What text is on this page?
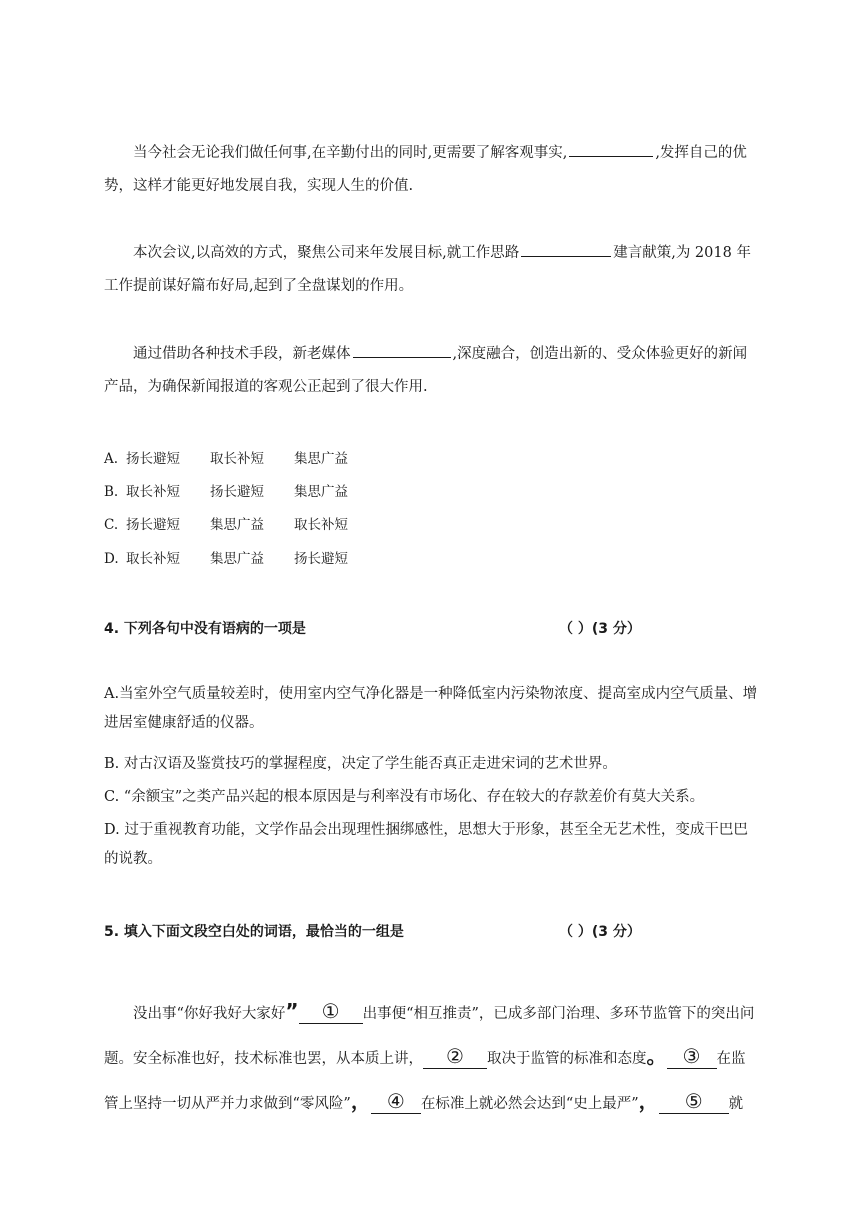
当今社会无论我们做任何事,在辛勤付出的同时,更需要了解客观事实,	,发挥自己的优势，这样才能更好地发展自我，实现人生的价值.

本次会议,以高效的方式，聚焦公司来年发展目标,就工作思路	建言献策,为 2018 年工作提前谋好篇布好局,起到了全盘谋划的作用。

通过借助各种技术手段，新老媒体	,深度融合，创造出新的、受众体验更好的新闻产品，为确保新闻报道的客观公正起到了很大作用.

A. 扬长避短 取长补短 集思广益
B. 取长补短 扬长避短 集思广益
C. 扬长避短 集思广益 取长补短
D. 取长补短 集思广益 扬长避短
4. 下列各句中没有语病的一项是	（ ）(3 分）

A.当室外空气质量较差时，使用室内空气净化器是一种降低室内污染物浓度、提高室成内空气质量、增进居室健康舒适的仪器。

B. 对古汉语及鉴赏技巧的掌握程度，决定了学生能否真正走进宋词的艺术世界。

C. “余额宝”之类产品兴起的根本原因是与利率没有市场化、存在较大的存款差价有莫大关系。

D. 过于重视教育功能，文学作品会出现理性捆绑感性，思想大于形象，甚至全无艺术性，变成干巴巴的说教。

5. 填入下面文段空白处的词语，最恰当的一组是	（ ）(3 分）

没出事“你好我好大家好” ① 出事便“相互推责”，已成多部门治理、多环节监管下的突出问题。安全标准也好，技术标准也罢，从本质上讲， ② 取决于监管的标准和态度。 ③ 在监管上坚持一切从严并力求做到“零风险”， ④ 在标准上就必然会达到“史上最严”， ⑤ 就
